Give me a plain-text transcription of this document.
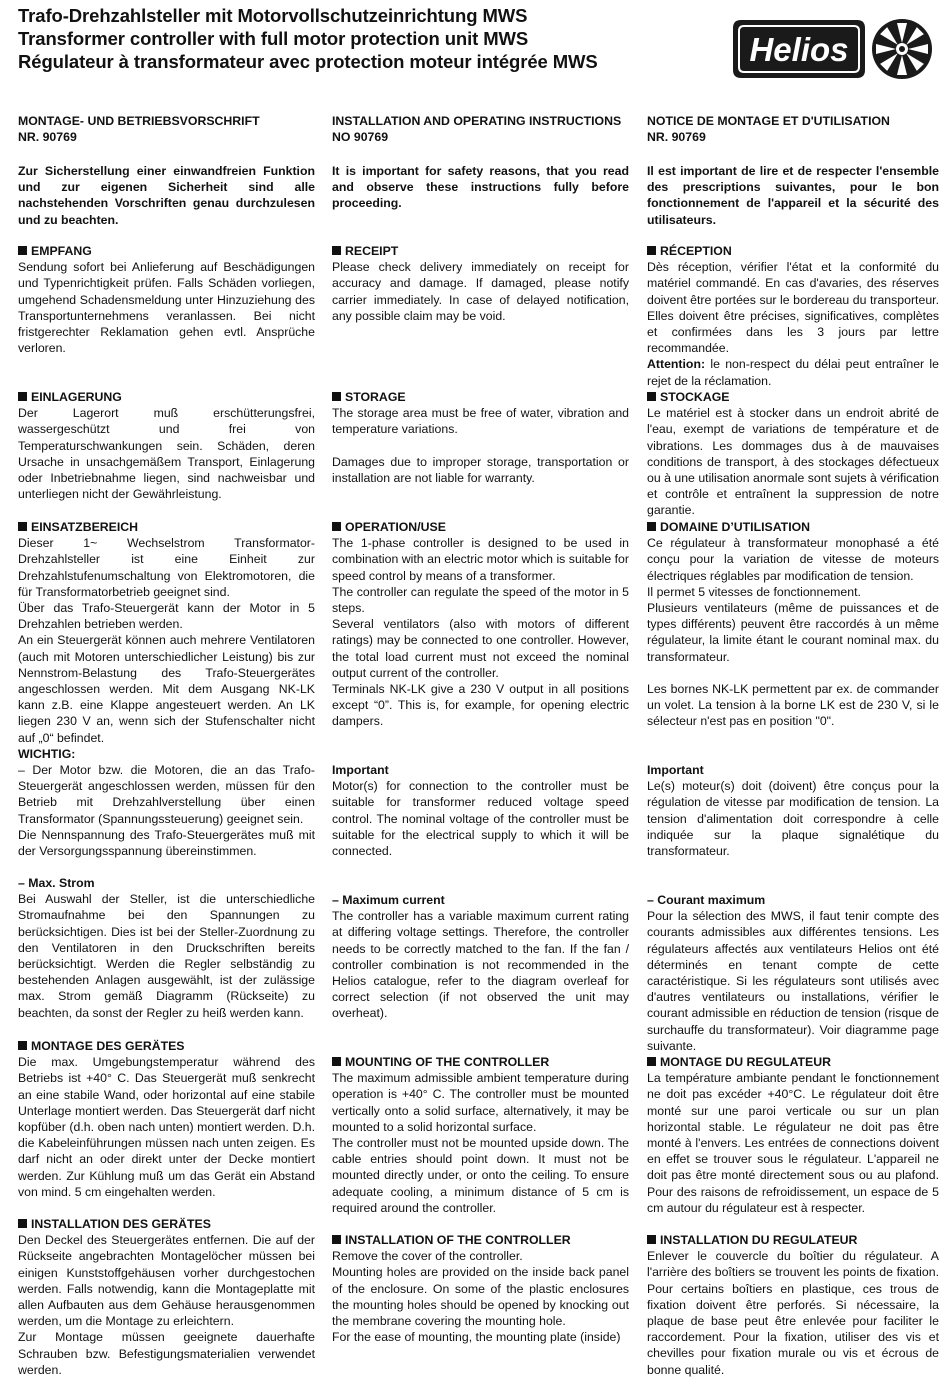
Trafo-Drehzahlsteller mit Motorvollschutzeinrichtung MWS
Transformer controller with full motor protection unit MWS
Régulateur à transformateur avec protection moteur intégrée MWS	Helios
MONTAGE- UND BETRIEBSVORSCHRIFT
NR. 90769
Zur Sicherstellung einer einwandfreien Funktion und zur eigenen Sicherheit sind alle nachstehenden Vorschriften genau durchzulesen und zu beachten.
EMPFANG
Sendung sofort bei Anlieferung auf Beschädigungen und Typenrichtigkeit prüfen. Falls Schäden vorliegen, umgehend Schadensmeldung unter Hinzuziehung des Transportunternehmens veranlassen. Bei nicht fristgerechter Reklamation gehen evtl. Ansprüche verloren.
EINLAGERUNG
Der Lagerort muß erschütterungsfrei, wassergeschützt und frei von Temperaturschwankungen sein. Schäden, deren Ursache in unsachgemäßem Transport, Einlagerung oder Inbetriebnahme liegen, sind nachweisbar und unterliegen nicht der Gewährleistung.
EINSATZBEREICH
Dieser 1~ Wechselstrom Transformator-Drehzahlsteller ist eine Einheit zur Drehzahlstufenumschaltung von Elektromotoren, die für Transformatorbetrieb geeignet sind.
Über das Trafo-Steuergerät kann der Motor in 5 Drehzahlen betrieben werden.
An ein Steuergerät können auch mehrere Ventilatoren (auch mit Motoren unterschiedlicher Leistung) bis zur Nennstrom-Belastung des Trafo-Steuergerätes angeschlossen werden. Mit dem Ausgang NK-LK kann z.B. eine Klappe angesteuert werden. An LK liegen 230 V an, wenn sich der Stufenschalter nicht auf „0“ befindet.
WICHTIG:
– Der Motor bzw. die Motoren, die an das Trafo-Steuergerät angeschlossen werden, müssen für den Betrieb mit Drehzahlverstellung über einen Transformator (Spannungssteuerung) geeignet sein.
Die Nennspannung des Trafo-Steuergerätes muß mit der Versorgungsspannung übereinstimmen.
– Max. Strom
Bei Auswahl der Steller, ist die unterschiedliche Stromaufnahme bei den Spannungen zu berücksichtigen. Dies ist bei der Steller-Zuordnung zu den Ventilatoren in den Druckschriften bereits berücksichtigt. Werden die Regler selbständig zu bestehenden Anlagen ausgewählt, ist der zulässige max. Strom gemäß Diagramm (Rückseite) zu beachten, da sonst der Regler zu heiß werden kann.
MONTAGE DES GERÄTES
Die max. Umgebungstemperatur während des Betriebs ist +40° C. Das Steuergerät muß senkrecht an eine stabile Wand, oder horizontal auf eine stabile Unterlage montiert werden. Das Steuergerät darf nicht kopfüber (d.h. oben nach unten) montiert werden. D.h. die Kabeleinführungen müssen nach unten zeigen. Es darf nicht an oder direkt unter der Decke montiert werden. Zur Kühlung muß um das Gerät ein Abstand von mind. 5 cm eingehalten werden.
INSTALLATION DES GERÄTES
Den Deckel des Steuergerätes entfernen. Die auf der Rückseite angebrachten Montagelöcher müssen bei einigen Kunststoffgehäusen vorher durchgestochen werden. Falls notwendig, kann die Montageplatte mit allen Aufbauten aus dem Gehäuse herausgenommen werden, um die Montage zu erleichtern.
Zur Montage müssen geeignete dauerhafte Schrauben bzw. Befestigungsmaterialien verwendet werden.
INSTALLATION AND OPERATING INSTRUCTIONS
NO 90769
It is important for safety reasons, that you read and observe these instructions fully before proceeding.
RECEIPT
Please check delivery immediately on receipt for accuracy and damage. If damaged, please notify carrier immediately. In case of delayed notification, any possible claim may be void.
STORAGE
The storage area must be free of water, vibration and temperature variations.
Damages due to improper storage, transportation or installation are not liable for warranty.
OPERATION/USE
The 1-phase controller is designed to be used in combination with an electric motor which is suitable for speed control by means of a transformer.
The controller can regulate the speed of the motor in 5 steps.
Several ventilators (also with motors of different ratings) may be connected to one controller. However, the total load current must not exceed the nominal output current of the controller.
Terminals NK-LK give a 230 V output in all positions except “0”. This is, for example, for opening electric dampers.
Important
Motor(s) for connection to the controller must be suitable for transformer reduced voltage speed control. The nominal voltage of the controller must be suitable for the electrical supply to which it will be connected.
– Maximum current
The controller has a variable maximum current rating at differing voltage settings. Therefore, the controller needs to be correctly matched to the fan. If the fan / controller combination is not recommended in the Helios catalogue, refer to the diagram overleaf for correct selection (if not observed the unit may overheat).
MOUNTING OF THE CONTROLLER
The maximum admissible ambient temperature during operation is +40° C. The controller must be mounted vertically onto a solid surface, alternatively, it may be mounted to a solid horizontal surface.
The controller must not be mounted upside down. The cable entries should point down. It must not be mounted directly under, or onto the ceiling. To ensure adequate cooling, a minimum distance of 5 cm is required around the controller.
INSTALLATION OF THE CONTROLLER
Remove the cover of the controller.
Mounting holes are provided on the inside back panel of the enclosure. On some of the plastic enclosures the mounting holes should be opened by knocking out the membrane covering the mounting hole.
For the ease of mounting, the mounting plate (inside)
NOTICE DE MONTAGE ET D'UTILISATION
NR. 90769
Il est important de lire et de respecter l'ensemble des prescriptions suivantes, pour le bon fonctionnement de l'appareil et la sécurité des utilisateurs.
RÉCEPTION
Dès réception, vérifier l'état et la conformité du matériel commandé. En cas d'avaries, des réserves doivent être portées sur le bordereau du transporteur. Elles doivent être précises, significatives, complètes et confirmées dans les 3 jours par lettre recommandée.
Attention: le non-respect du délai peut entraîner le rejet de la réclamation.
STOCKAGE
Le matériel est à stocker dans un endroit abrité de l'eau, exempt de variations de température et de vibrations. Les dommages dus à de mauvaises conditions de transport, à des stockages défectueux ou à une utilisation anormale sont sujets à vérification et contrôle et entraînent la suppression de notre garantie.
DOMAINE D’UTILISATION
Ce régulateur à transformateur monophasé a été conçu pour la variation de vitesse de moteurs électriques réglables par modification de tension.
Il permet 5 vitesses de fonctionnement.
Plusieurs ventilateurs (même de puissances et de types différents) peuvent être raccordés à un même régulateur, la limite étant le courant nominal max. du transformateur.
Les bornes NK-LK permettent par ex. de commander un volet. La tension à la borne LK est de 230 V, si le sélecteur n'est pas en position "0".
Important
Le(s) moteur(s) doit (doivent) être conçus pour la régulation de vitesse par modification de tension. La tension d'alimentation doit correspondre à celle indiquée sur la plaque signalétique du transformateur.
– Courant maximum
Pour la sélection des MWS, il faut tenir compte des courants admissibles aux différentes tensions. Les régulateurs affectés aux ventilateurs Helios ont été déterminés en tenant compte de cette caractéristique. Si les régulateurs sont utilisés avec d'autres ventilateurs ou installations, vérifier le courant admissible en réduction de tension (risque de surchauffe du transformateur). Voir diagramme page suivante.
MONTAGE DU REGULATEUR
La température ambiante pendant le fonctionnement ne doit pas excéder +40°C. Le régulateur doit être monté sur une paroi verticale ou sur un plan horizontal stable. Le régulateur ne doit pas être monté à l'envers. Les entrées de connections doivent en effet se trouver sous le régulateur. L'appareil ne doit pas être monté directement sous ou au plafond. Pour des raisons de refroidissement, un espace de 5 cm autour du régulateur est à respecter.
INSTALLATION DU REGULATEUR
Enlever le couvercle du boîtier du régulateur. A l'arrière des boîtiers se trouvent les points de fixation. Pour certains boîtiers en plastique, ces trous de fixation doivent être perforés. Si nécessaire, la plaque de base peut être enlevée pour faciliter le raccordement. Pour la fixation, utiliser des vis et chevilles pour fixation murale ou vis et écrous de bonne qualité.
